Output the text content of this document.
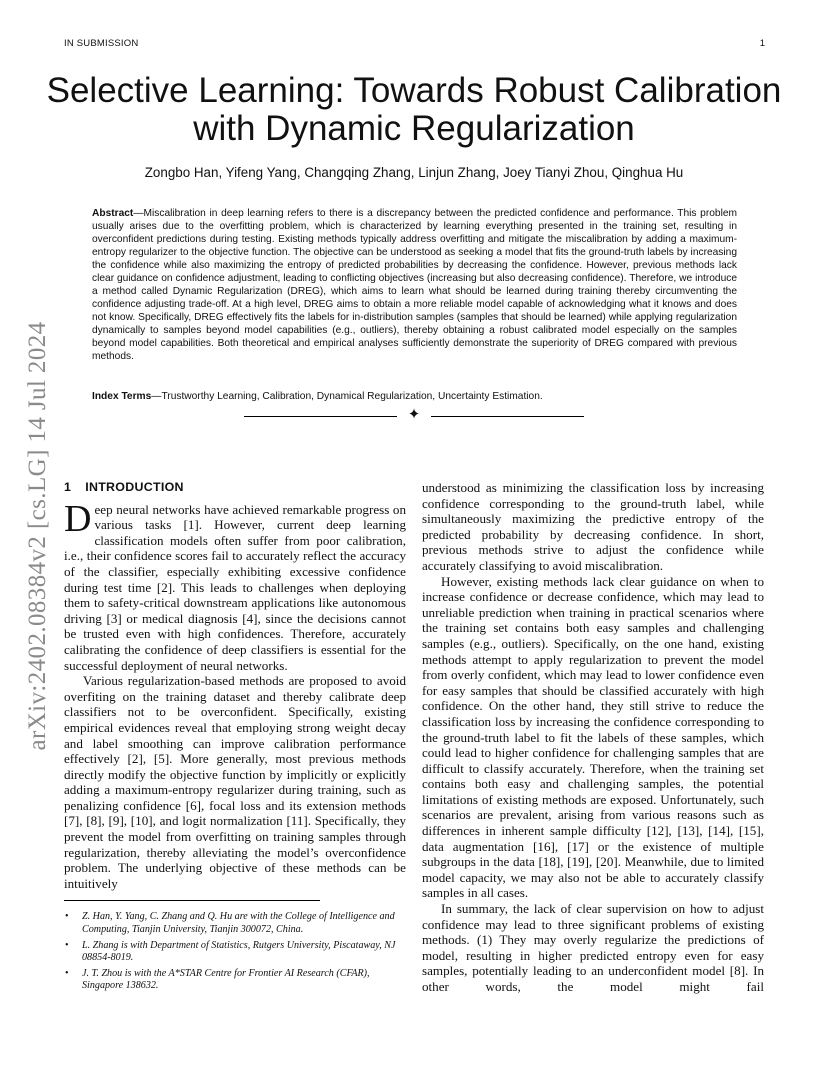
IN SUBMISSION	1
arXiv:2402.08384v2 [cs.LG] 14 Jul 2024
Selective Learning: Towards Robust Calibration
with Dynamic Regularization
Zongbo Han, Yifeng Yang, Changqing Zhang, Linjun Zhang, Joey Tianyi Zhou, Qinghua Hu
Abstract—Miscalibration in deep learning refers to there is a discrepancy between the predicted confidence and performance. This problem usually arises due to the overfitting problem, which is characterized by learning everything presented in the training set, resulting in overconfident predictions during testing. Existing methods typically address overfitting and mitigate the miscalibration by adding a maximum-entropy regularizer to the objective function. The objective can be understood as seeking a model that fits the ground-truth labels by increasing the confidence while also maximizing the entropy of predicted probabilities by decreasing the confidence. However, previous methods lack clear guidance on confidence adjustment, leading to conflicting objectives (increasing but also decreasing confidence). Therefore, we introduce a method called Dynamic Regularization (DREG), which aims to learn what should be learned during training thereby circumventing the confidence adjusting trade-off. At a high level, DREG aims to obtain a more reliable model capable of acknowledging what it knows and does not know. Specifically, DREG effectively fits the labels for in-distribution samples (samples that should be learned) while applying regularization dynamically to samples beyond model capabilities (e.g., outliers), thereby obtaining a robust calibrated model especially on the samples beyond model capabilities. Both theoretical and empirical analyses sufficiently demonstrate the superiority of DREG compared with previous methods.
Index Terms—Trustworthy Learning, Calibration, Dynamical Regularization, Uncertainty Estimation.
✦
1 INTRODUCTION

Deep neural networks have achieved remarkable progress on various tasks [1]. However, current deep learning classification models often suffer from poor calibration, i.e., their confidence scores fail to accurately reflect the accuracy of the classifier, especially exhibiting excessive confidence during test time [2]. This leads to challenges when deploying them to safety-critical downstream applications like autonomous driving [3] or medical diagnosis [4], since the decisions cannot be trusted even with high confidences. Therefore, accurately calibrating the confidence of deep classifiers is essential for the successful deployment of neural networks.

Various regularization-based methods are proposed to avoid overfiting on the training dataset and thereby calibrate deep classifiers not to be overconfident. Specifically, existing empirical evidences reveal that employing strong weight decay and label smoothing can improve calibration performance effectively [2], [5]. More generally, most previous methods directly modify the objective function by implicitly or explicitly adding a maximum-entropy regularizer during training, such as penalizing confidence [6], focal loss and its extension methods [7], [8], [9], [10], and logit normalization [11]. Specifically, they prevent the model from overfitting on training samples through regularization, thereby alleviating the model’s overconfidence problem. The underlying objective of these methods can be intuitively

• Z. Han, Y. Yang, C. Zhang and Q. Hu are with the College of Intelligence and Computing, Tianjin University, Tianjin 300072, China.
• L. Zhang is with Department of Statistics, Rutgers University, Piscataway, NJ 08854-8019.
• J. T. Zhou is with the A*STAR Centre for Frontier AI Research (CFAR), Singapore 138632.

understood as minimizing the classification loss by increasing confidence corresponding to the ground-truth label, while simultaneously maximizing the predictive entropy of the predicted probability by decreasing confidence. In short, previous methods strive to adjust the confidence while accurately classifying to avoid miscalibration.

However, existing methods lack clear guidance on when to increase confidence or decrease confidence, which may lead to unreliable prediction when training in practical scenarios where the training set contains both easy samples and challenging samples (e.g., outliers). Specifically, on the one hand, existing methods attempt to apply regularization to prevent the model from overly confident, which may lead to lower confidence even for easy samples that should be classified accurately with high confidence. On the other hand, they still strive to reduce the classification loss by increasing the confidence corresponding to the ground-truth label to fit the labels of these samples, which could lead to higher confidence for challenging samples that are difficult to classify accurately. Therefore, when the training set contains both easy and challenging samples, the potential limitations of existing methods are exposed. Unfortunately, such scenarios are prevalent, arising from various reasons such as differences in inherent sample difficulty [12], [13], [14], [15], data augmentation [16], [17] or the existence of multiple subgroups in the data [18], [19], [20]. Meanwhile, due to limited model capacity, we may also not be able to accurately classify samples in all cases.

In summary, the lack of clear supervision on how to adjust confidence may lead to three significant problems of existing methods. (1) They may overly regularize the predictions of model, resulting in higher predicted entropy even for easy samples, potentially leading to an underconfident model [8]. In other words, the model might fail
